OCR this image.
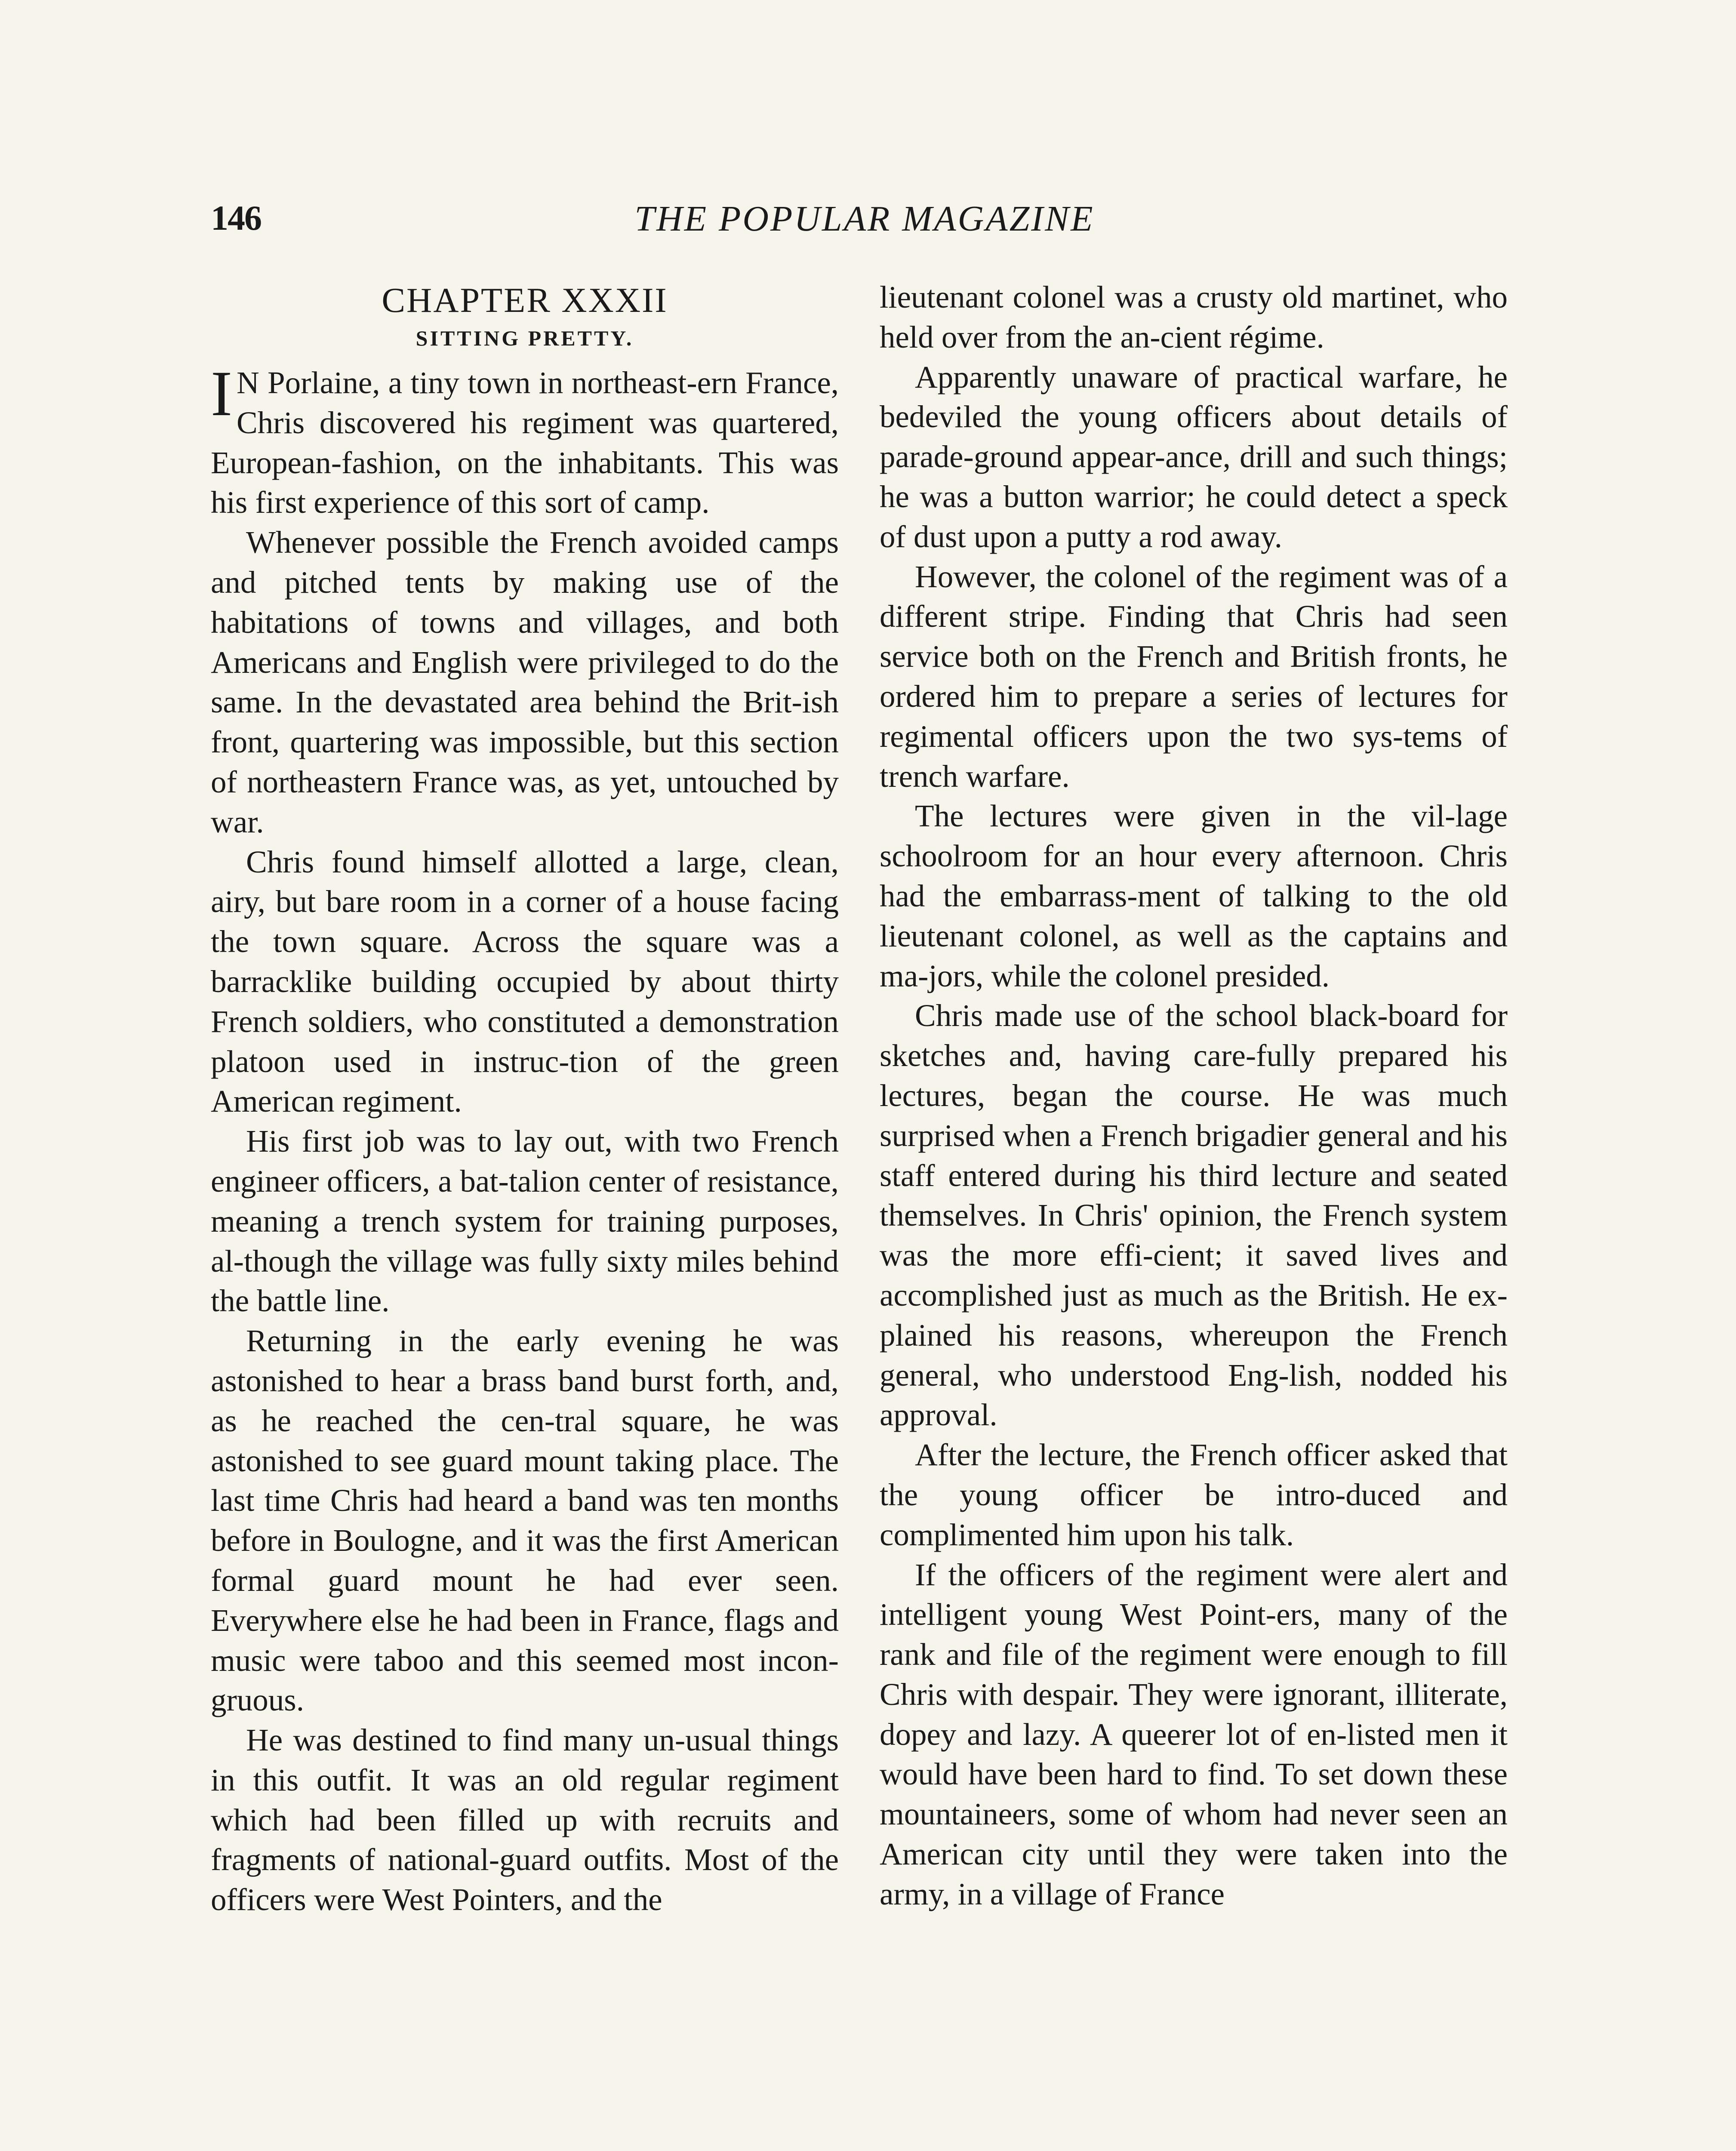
146	THE POPULAR MAGAZINE
CHAPTER XXXII
SITTING PRETTY.

I N Porlaine, a tiny town in northeast-ern France, Chris discovered his regiment was quartered, European-fashion, on the inhabitants. This was his first experience of this sort of camp.

Whenever possible the French avoided camps and pitched tents by making use of the habitations of towns and villages, and both Americans and English were privileged to do the same. In the devastated area behind the Brit-ish front, quartering was impossible, but this section of northeastern France was, as yet, untouched by war.

Chris found himself allotted a large, clean, airy, but bare room in a corner of a house facing the town square. Across the square was a barracklike building occupied by about thirty French soldiers, who constituted a demonstration platoon used in instruc-tion of the green American regiment.

His first job was to lay out, with two French engineer officers, a bat-talion center of resistance, meaning a trench system for training purposes, al-though the village was fully sixty miles behind the battle line.

Returning in the early evening he was astonished to hear a brass band burst forth, and, as he reached the cen-tral square, he was astonished to see guard mount taking place. The last time Chris had heard a band was ten months before in Boulogne, and it was the first American formal guard mount he had ever seen. Everywhere else he had been in France, flags and music were taboo and this seemed most incon-gruous.

He was destined to find many un-usual things in this outfit. It was an old regular regiment which had been filled up with recruits and fragments of national-guard outfits. Most of the officers were West Pointers, and the

lieutenant colonel was a crusty old martinet, who held over from the an-cient régime.

Apparently unaware of practical warfare, he bedeviled the young officers about details of parade-ground appear-ance, drill and such things; he was a button warrior; he could detect a speck of dust upon a putty a rod away.

However, the colonel of the regiment was of a different stripe. Finding that Chris had seen service both on the French and British fronts, he ordered him to prepare a series of lectures for regimental officers upon the two sys-tems of trench warfare.

The lectures were given in the vil-lage schoolroom for an hour every afternoon. Chris had the embarrass-ment of talking to the old lieutenant colonel, as well as the captains and ma-jors, while the colonel presided.

Chris made use of the school black-board for sketches and, having care-fully prepared his lectures, began the course. He was much surprised when a French brigadier general and his staff entered during his third lecture and seated themselves. In Chris' opinion, the French system was the more effi-cient; it saved lives and accomplished just as much as the British. He ex-plained his reasons, whereupon the French general, who understood Eng-lish, nodded his approval.

After the lecture, the French officer asked that the young officer be intro-duced and complimented him upon his talk.

If the officers of the regiment were alert and intelligent young West Point-ers, many of the rank and file of the regiment were enough to fill Chris with despair. They were ignorant, illiterate, dopey and lazy. A queerer lot of en-listed men it would have been hard to find. To set down these mountaineers, some of whom had never seen an American city until they were taken into the army, in a village of France
